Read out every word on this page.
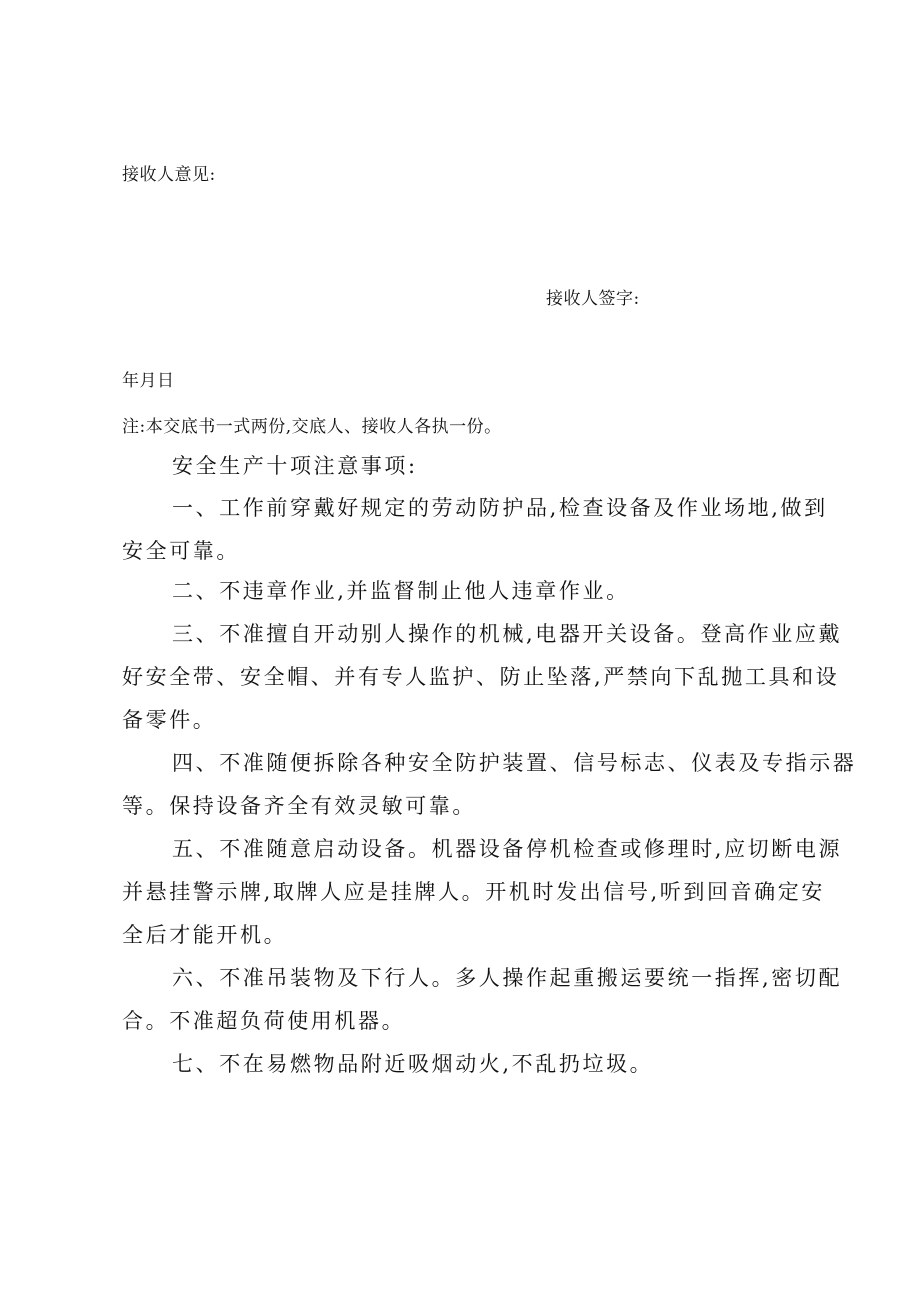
接收人意见:

接收人签字:

年月日

注:本交底书一式两份,交底人、接收人各执一份。

安全生产十项注意事项:

一、工作前穿戴好规定的劳动防护品,检查设备及作业场地,做到

安全可靠。

二、不违章作业,并监督制止他人违章作业。

三、不准擅自开动别人操作的机械,电器开关设备。登高作业应戴

好安全带、安全帽、并有专人监护、防止坠落,严禁向下乱抛工具和设

备零件。

四、不准随便拆除各种安全防护装置、信号标志、仪表及专指示器

等。保持设备齐全有效灵敏可靠。

五、不准随意启动设备。机器设备停机检查或修理时,应切断电源

并悬挂警示牌,取牌人应是挂牌人。开机时发出信号,听到回音确定安

全后才能开机。

六、不准吊装物及下行人。多人操作起重搬运要统一指挥,密切配

合。不准超负荷使用机器。

七、不在易燃物品附近吸烟动火,不乱扔垃圾。
